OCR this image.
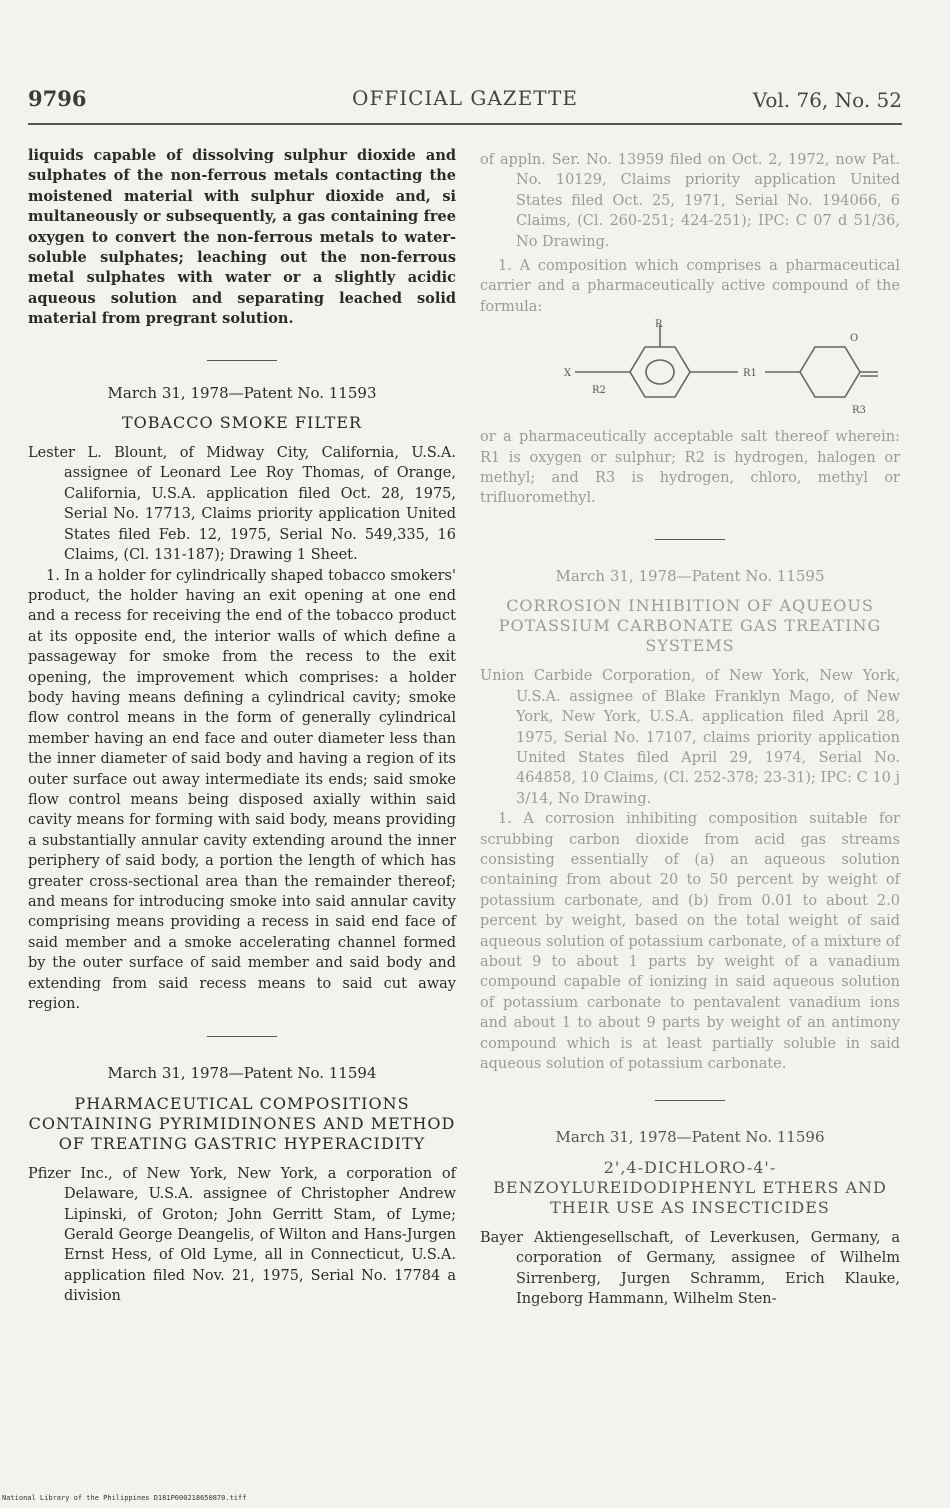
9796	OFFICIAL GAZETTE	Vol. 76, No. 52

liquids capable of dissolving sulphur dioxide and sulphates of the non-ferrous metals contacting the moistened material with sulphur dioxide and, si multaneously or subsequently, a gas containing free oxygen to convert the non-ferrous metals to water-soluble sulphates; leaching out the non-ferrous metal sulphates with water or a slightly acidic aqueous solution and separating leached solid material from pregrant solution.

March 31, 1978—Patent No. 11593

TOBACCO SMOKE FILTER

Lester L. Blount, of Midway City, California, U.S.A. assignee of Leonard Lee Roy Thomas, of Orange, California, U.S.A. application filed Oct. 28, 1975, Serial No. 17713, Claims priority application United States filed Feb. 12, 1975, Serial No. 549,335, 16 Claims, (Cl. 131-187); Drawing 1 Sheet.

1. In a holder for cylindrically shaped tobacco smokers' product, the holder having an exit opening at one end and a recess for receiving the end of the tobacco product at its opposite end, the interior walls of which define a passageway for smoke from the recess to the exit opening, the improvement which comprises: a holder body having means defining a cylindrical cavity; smoke flow control means in the form of generally cylindrical member having an end face and outer diameter less than the inner diameter of said body and having a region of its outer surface out away intermediate its ends; said smoke flow control means being disposed axially within said cavity means for forming with said body, means providing a substantially annular cavity extending around the inner periphery of said body, a portion the length of which has greater cross-sectional area than the remainder thereof; and means for introducing smoke into said annular cavity comprising means providing a recess in said end face of said member and a smoke accelerating channel formed by the outer surface of said member and said body and extending from said recess means to said cut away region.

March 31, 1978—Patent No. 11594

PHARMACEUTICAL COMPOSITIONS CONTAINING PYRIMIDINONES AND METHOD OF TREATING GASTRIC HYPERACIDITY

Pfizer Inc., of New York, New York, a corporation of Delaware, U.S.A. assignee of Christopher Andrew Lipinski, of Groton; John Gerritt Stam, of Lyme; Gerald George Deangelis, of Wilton and Hans-Jurgen Ernst Hess, of Old Lyme, all in Connecticut, U.S.A. application filed Nov. 21, 1975, Serial No. 17784 a division

of appln. Ser. No. 13959 filed on Oct. 2, 1972, now Pat. No. 10129, Claims priority application United States filed Oct. 25, 1971, Serial No. 194066, 6 Claims, (Cl. 260-251; 424-251); IPC: C 07 d 51/36, No Drawing.

1. A composition which comprises a pharmaceutical carrier and a pharmaceutically active compound of the formula:

R
X
R2
R1
O
R3

or a pharmaceutically acceptable salt thereof wherein: R1 is oxygen or sulphur; R2 is hydrogen, halogen or methyl; and R3 is hydrogen, chloro, methyl or trifluoromethyl.

March 31, 1978—Patent No. 11595

CORROSION INHIBITION OF AQUEOUS POTASSIUM CARBONATE GAS TREATING SYSTEMS

Union Carbide Corporation, of New York, New York, U.S.A. assignee of Blake Franklyn Mago, of New York, New York, U.S.A. application filed April 28, 1975, Serial No. 17107, claims priority application United States filed April 29, 1974, Serial No. 464858, 10 Claims, (Cl. 252-378; 23-31); IPC: C 10 j 3/14, No Drawing.

1. A corrosion inhibiting composition suitable for scrubbing carbon dioxide from acid gas streams consisting essentially of (a) an aqueous solution containing from about 20 to 50 percent by weight of potassium carbonate, and (b) from 0.01 to about 2.0 percent by weight, based on the total weight of said aqueous solution of potassium carbonate, of a mixture of about 9 to about 1 parts by weight of a vanadium compound capable of ionizing in said aqueous solution of potassium carbonate to pentavalent vanadium ions and about 1 to about 9 parts by weight of an antimony compound which is at least partially soluble in said aqueous solution of potassium carbonate.

March 31, 1978—Patent No. 11596

2',4-DICHLORO-4'-BENZOYLUREIDODIPHENYL ETHERS AND THEIR USE AS INSECTICIDES

Bayer Aktiengesellschaft, of Leverkusen, Germany, a corporation of Germany, assignee of Wilhelm Sirrenberg, Jurgen Schramm, Erich Klauke, Ingeborg Hammann, Wilhelm Sten-

National Library of the Philippines D181P000218650870.tiff
